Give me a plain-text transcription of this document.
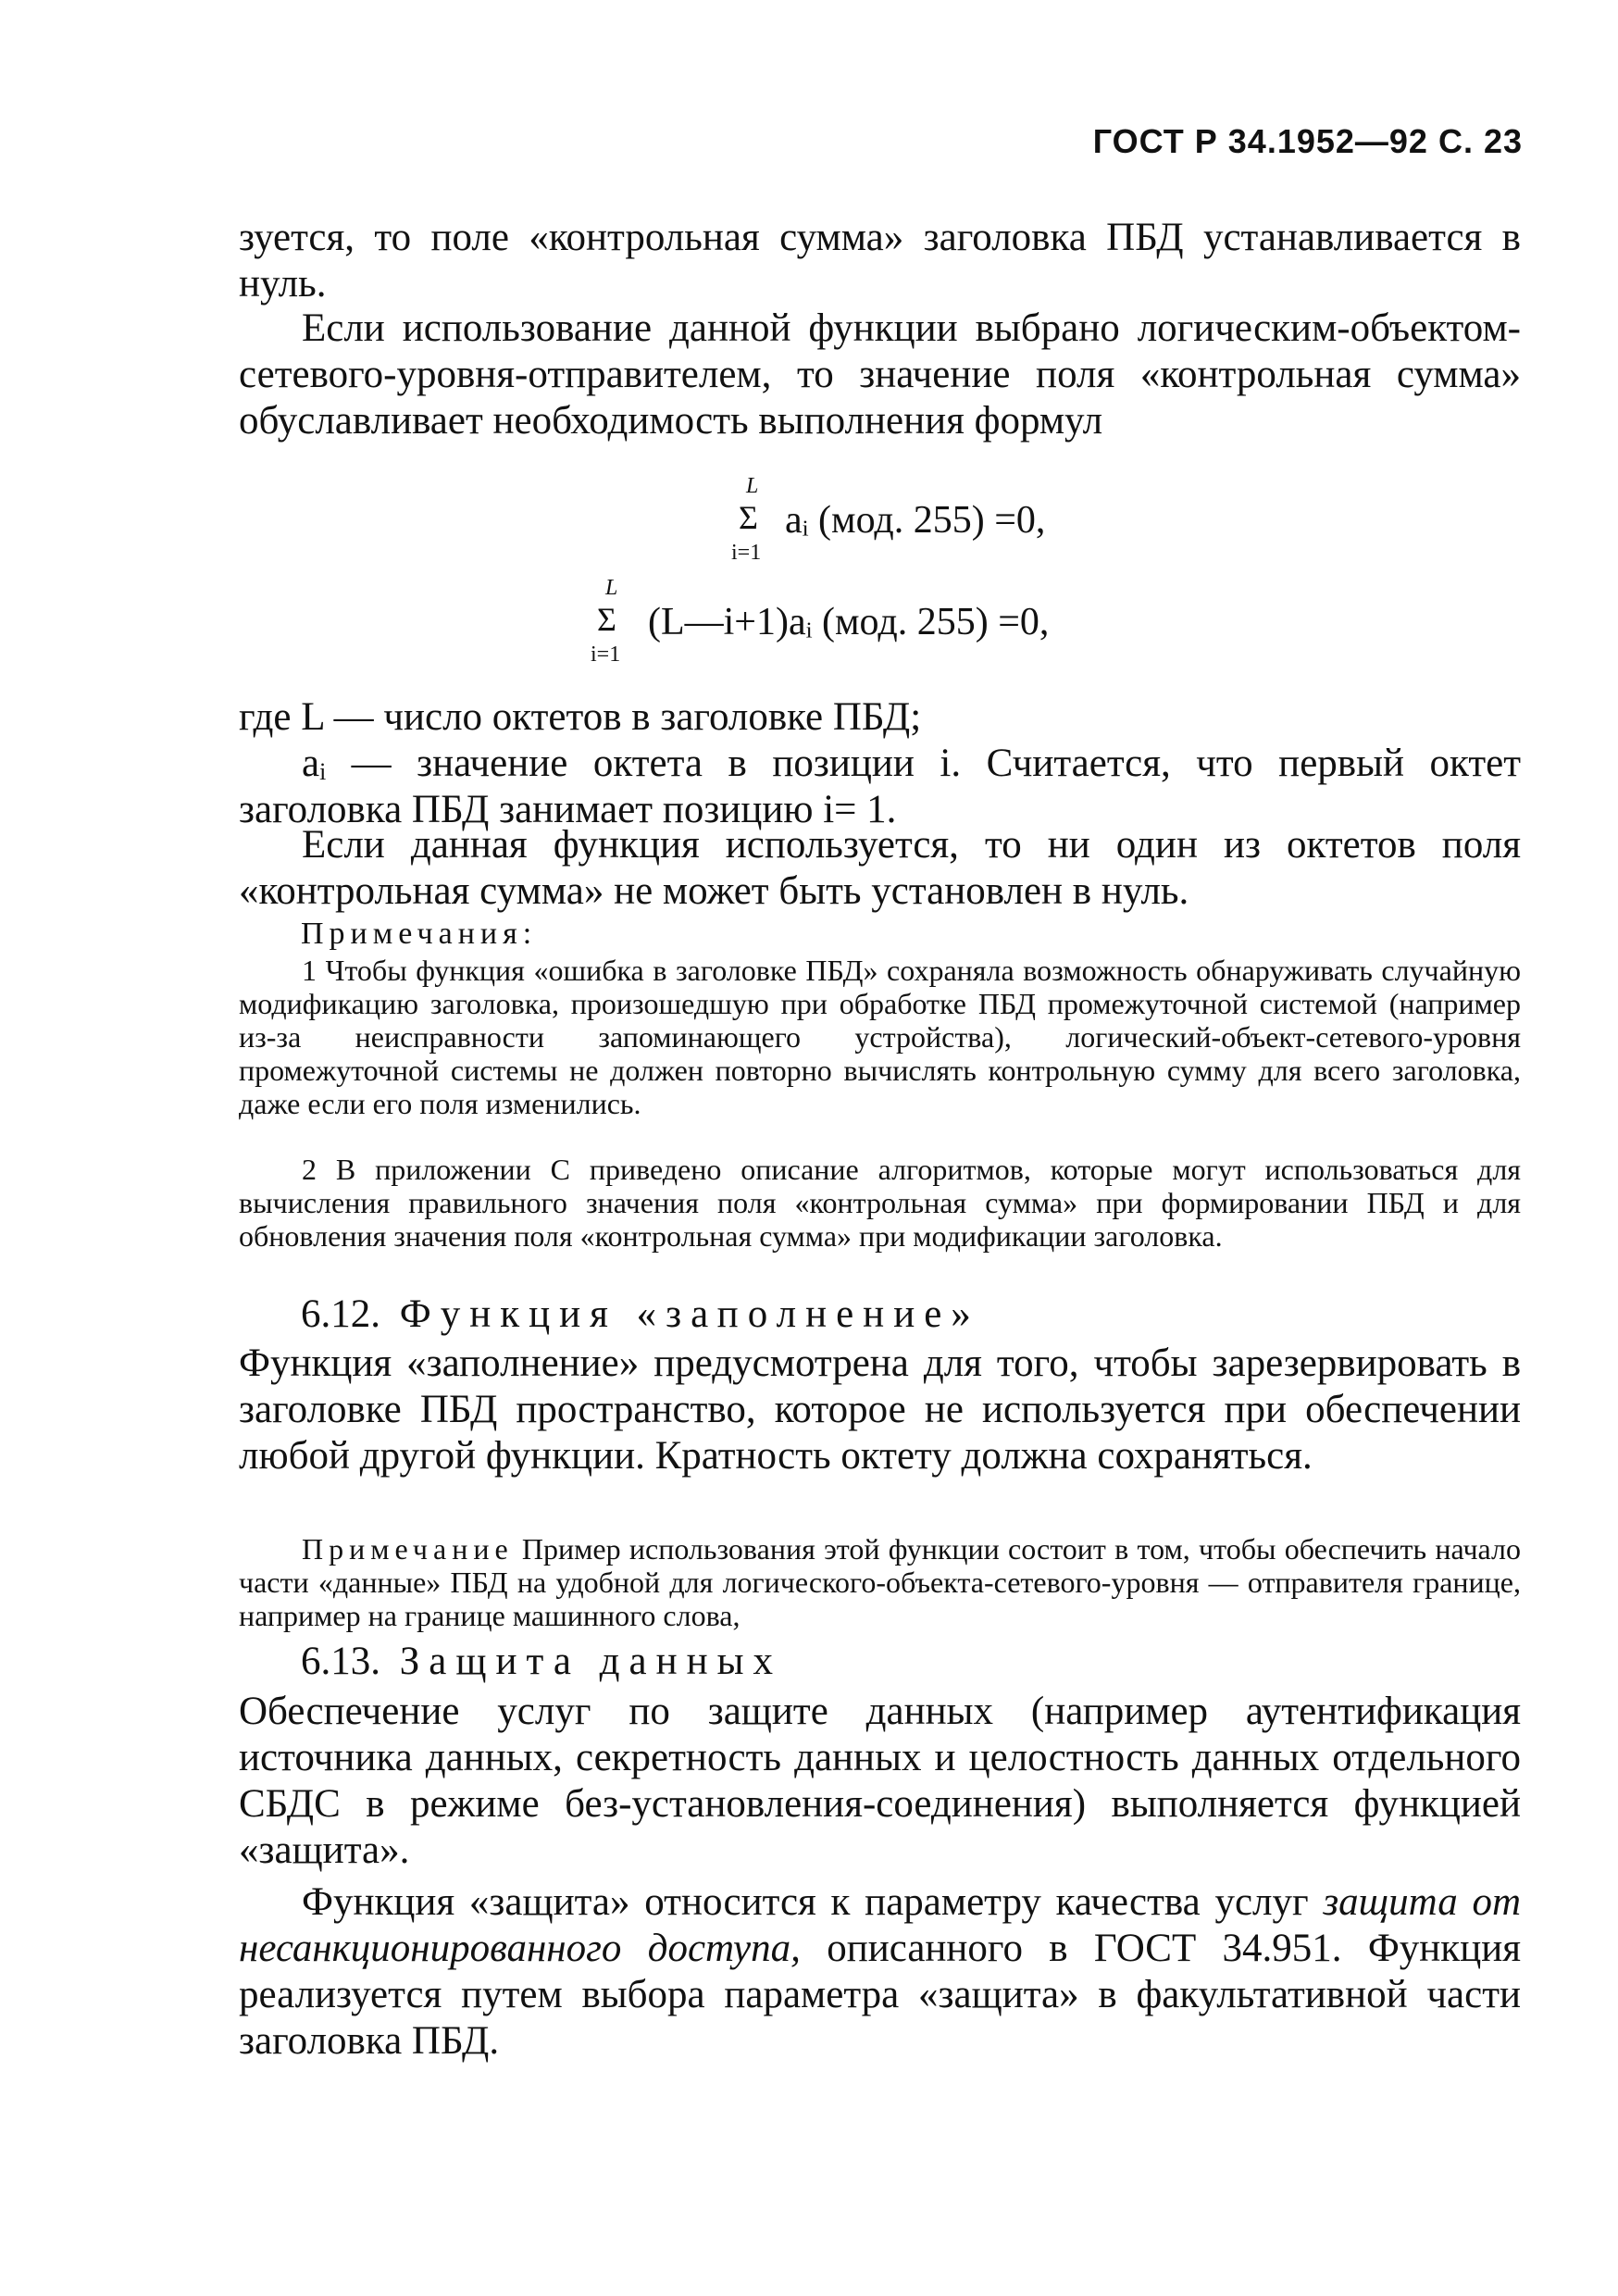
ГОСТ Р 34.1952—92 С. 23
зуется, то поле «контрольная сумма» заголовка ПБД устанавливается в нуль.
Если использование данной функции выбрано логическим-объектом-сетевого-уровня-отправителем, то значение поля «контрольная сумма» обуславливает необходимость выполнения формул
L
Σ
i=1
aᵢ (мод. 255) =0,
L
Σ
i=1
(L—i+1)aᵢ (мод. 255) =0,
где L — число октетов в заголовке ПБД;
aᵢ — значение октета в позиции i. Считается, что первый октет заголовка ПБД занимает позицию i= 1.
Если данная функция используется, то ни один из октетов поля «контрольная сумма» не может быть установлен в нуль.
Примечания:
1 Чтобы функция «ошибка в заголовке ПБД» сохраняла возможность обнаруживать случайную модификацию заголовка, произошедшую при обработке ПБД промежуточной системой (например из-за неисправности запоминающего устройства), логический-объект-сетевого-уровня промежуточной системы не должен повторно вычислять контрольную сумму для всего заголовка, даже если его поля изменились.
2 В приложении С приведено описание алгоритмов, которые могут использоваться для вычисления правильного значения поля «контрольная сумма» при формировании ПБД и для обновления значения поля «контрольная сумма» при модификации заголовка.
6.12. Функция «заполнение»
Функция «заполнение» предусмотрена для того, чтобы зарезервировать в заголовке ПБД пространство, которое не используется при обеспечении любой другой функции. Кратность октету должна сохраняться.
Примечание Пример использования этой функции состоит в том, чтобы обеспечить начало части «данные» ПБД на удобной для логического-объекта-сетевого-уровня — отправителя границе, например на границе машинного слова,
6.13. Защита данных
Обеспечение услуг по защите данных (например аутентификация источника данных, секретность данных и целостность данных отдельного СБДС в режиме без-установления-соединения) выполняется функцией «защита».
Функция «защита» относится к параметру качества услуг защита от несанкционированного доступа, описанного в ГОСТ 34.951. Функция реализуется путем выбора параметра «защита» в факультативной части заголовка ПБД.
